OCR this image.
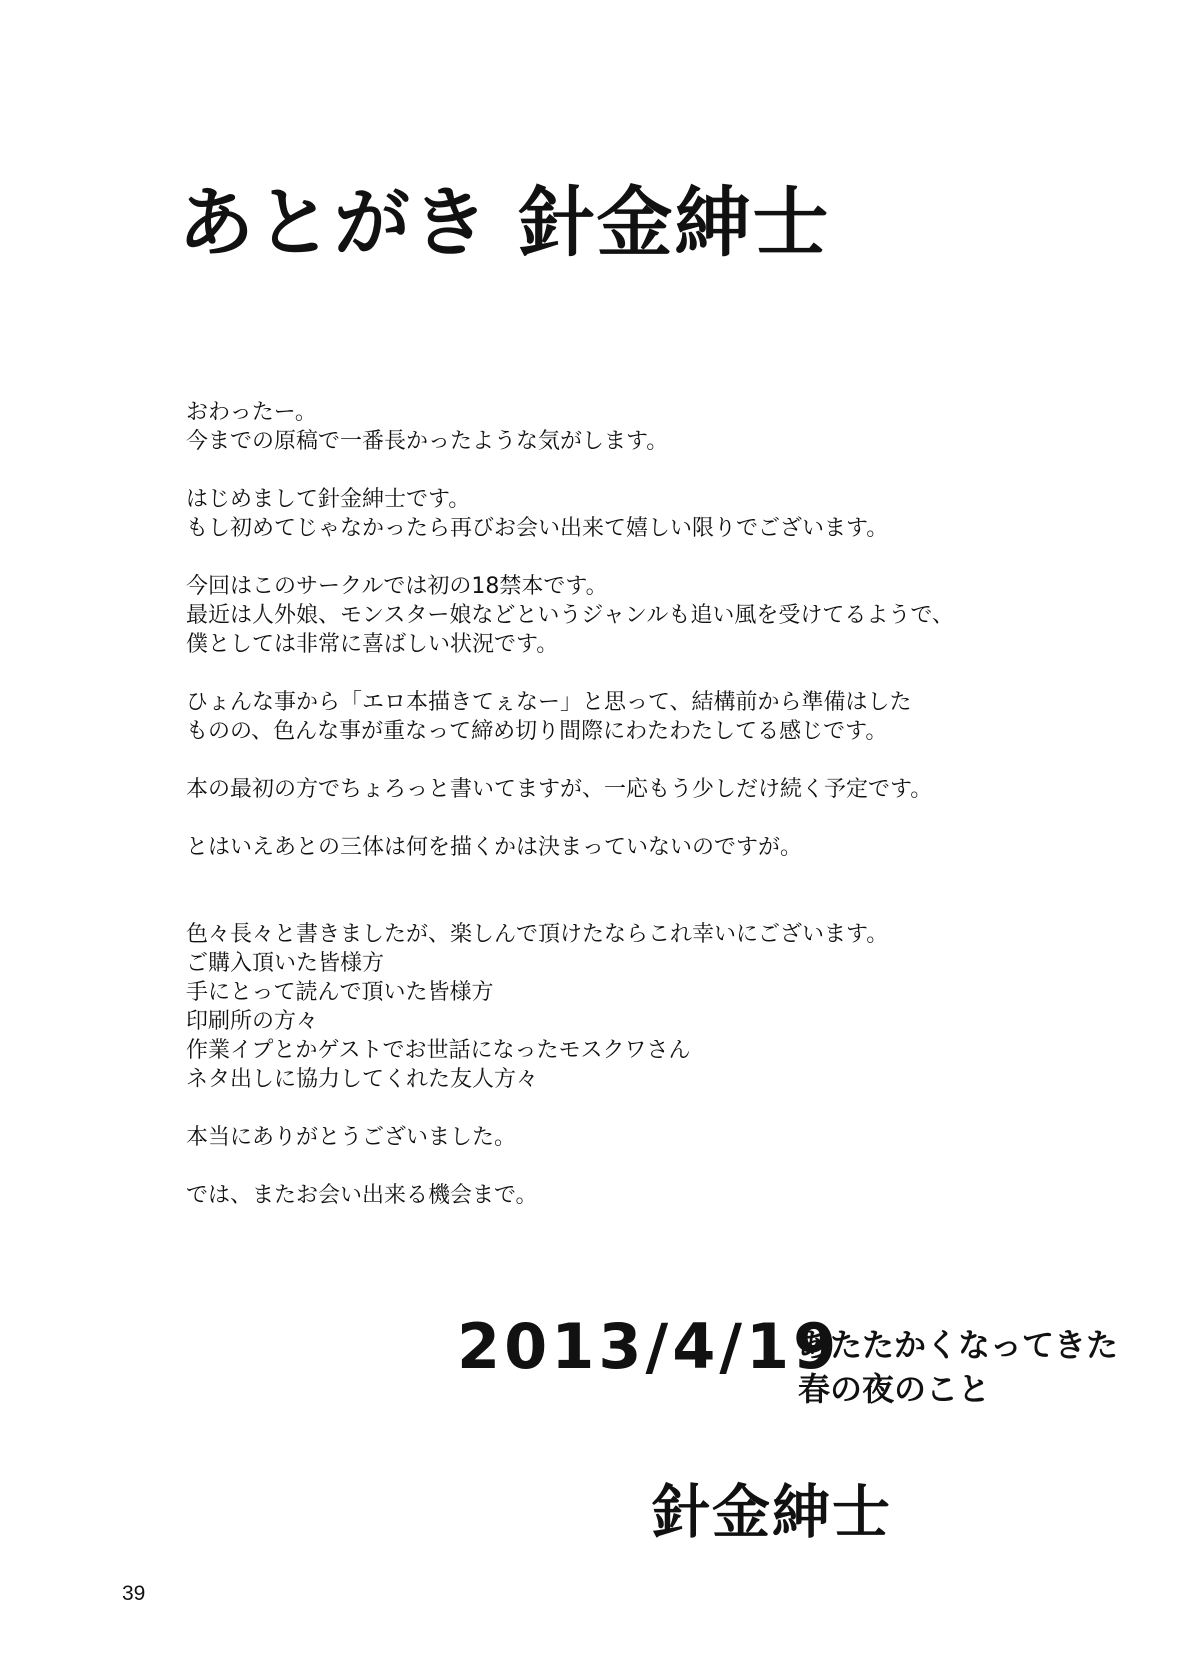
あとがき 針金紳士
おわったー。
今までの原稿で一番長かったような気がします。
はじめまして針金紳士です。
もし初めてじゃなかったら再びお会い出来て嬉しい限りでございます。
今回はこのサークルでは初の18禁本です。
最近は人外娘、モンスター娘などというジャンルも追い風を受けてるようで、
僕としては非常に喜ばしい状況です。
ひょんな事から「エロ本描きてぇなー」と思って、結構前から準備はした
ものの、色んな事が重なって締め切り間際にわたわたしてる感じです。
本の最初の方でちょろっと書いてますが、一応もう少しだけ続く予定です。
とはいえあとの三体は何を描くかは決まっていないのですが。
色々長々と書きましたが、楽しんで頂けたならこれ幸いにございます。
ご購入頂いた皆様方
手にとって読んで頂いた皆様方
印刷所の方々
作業イプとかゲストでお世話になったモスクワさん
ネタ出しに協力してくれた友人方々
本当にありがとうございました。
では、またお会い出来る機会まで。
2013/4/19
あたたかくなってきた
春の夜のこと
針金紳士
39
